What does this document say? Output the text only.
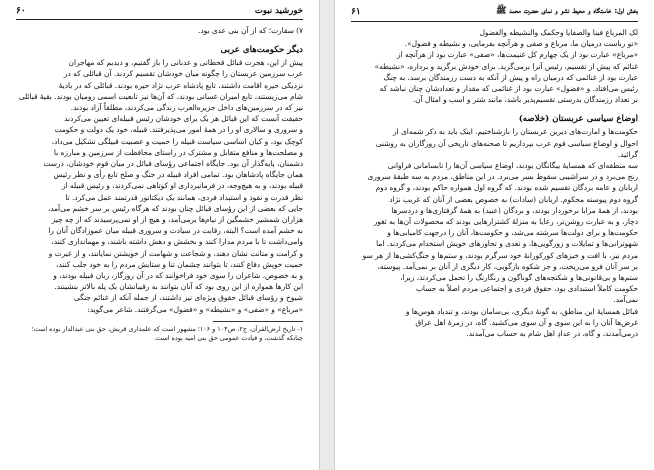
خورشید نبوت
۶۰
۷) سقارت؛ که از آن بنی عدی بود.
دیگر حکومت‌های عربی
پیش از این، هجرت قبائل قحطانی و عدنانی را باز گفتیم، و دیدیم که مهاجران
عرب سرزمین عربستان را چگونه میان خودشان تقسیم کردند. آن قبائلی که در
نزدیکی حیره اقامت داشتند، تابع پادشاه عرب نژاد حیره بودند. قبائلی که در بادیهٔ
شام می‌زیستند، تابع امیران غسانی بودند، که آن‌ها نیز تابعیت اسمی رومیان بودند. بقیهٔ قبائلی
نیز که در سرزمین‌های داخل جزیره‌العرب زندگی می‌کردند، مطلقاً آزاد بودند.
حقیقت آنست که این قبائل هر یک برای خودشان رئیس قبیله‌ای تعیین می‌کردند
و سروری و سالاری او را در همهٔ امور می‌پذیرفتند. قبیله، خود یک دولت و حکومت
کوچک بود، و کیان اساسی سیاست قبیله را حمیت و عصبیت قبیلگی تشکیل می‌داد،
و مصلحت‌ها و منافع متقابل و مشترک در راستای محافظت از سرزمین و مبارزه با
دشمنان، پایه‌گذار آن بود. جایگاه اجتماعی رؤسای قبائل در میان قوم خودشان، درست
همان جایگاه پادشاهان بود. تمامی افراد قبیله در جنگ و صلح تابع رأی و نظر رئیس
قبیله بودند، و به هیچ‌وجه، در فرمانبرداری او کوتاهی نمی‌کردند، و رئیس قبیله از
نظر قدرت و نفوذ و استبداد فردی، همانند یک دیکتاتور قدرتمند عمل می‌کرد. تا
جایی که بعضی از این رؤسای قبائل چنان بودند که هرگاه رئیس بر سر خشم می‌آمد،
هزاران شمشیر خشمگین از نیام‌ها برمی‌آمد، و هیچ از او نمی‌پرسیدند که از چه چیز
به خشم آمده است؟ البته، رقابت در سیادت و سروری قبیله میان عموزادگان آنان را
وامی‌داشت تا با مردم مدارا کنند و بخشش و دهش داشته باشند، و مهمانداری کنند،
و کرامت و متانت نشان دهند، و شجاعت و شهامت از خویشتن نمایانند، و از غیرت و
حمیت خویش دفاع کنند، تا بتوانند چشمان تنا و ستایش مردم را به خود جلب کنند،
و به خصوص، شاعران را سوی خود فراخوانند که در آن روزگار، زبان قبیله بودند، و
این کارها همواره از این روی بود که آنان بتوانند به رقیبانشان یک پله بالاتر بنشینند.
شیوخ و رؤسای قبائل حقوق ویژه‌ای نیز داشتند، از جمله آنکه از غنائم جنگی
«مرباع» و «صفی» و «نشیطه» و «فضول» می‌گرفتند. شاعر می‌گوید:
۱- تاریخ ارض‌القرآن، ج۲، ص۱۰۴ و ۱۰۶؛ مشهور است که علمدارى قریش، حق بنی عبدالدار بوده است؛ چنانکه گذشت، و قیادت عمومی حق بنی امیه بوده است.
بخش اول: خاستگاه و محیط نشو و نمای حضرت محمد ﷺ
۶۱
لک المرباع فینا والصفایا وحکمک والنشیطه والفضول
«تو رباست درمیان ما، مرباع و صفی و هرآنچه بفرمایی، و نشیطه و فضول».
«مرباع» عبارت بود از یک چهارم کل غنیمت‌ها، «صفی» عبارت بود از هرآنچه از
غنائم که پیش از تقسیم، رئیس آنرا برمی‌گزید. برای خودش برگزید و برداره، «نشیطه»
عبارت بود از غنائمی که درمیان راه و پیش از آنکه به دست رزمندگان برسد، به چنگ
رئیس می‌افتاد. و «فضول» عبارت بود از غنائمی که مقدار و تعدادشان چنان نباشد که
بر تعداد رزمندگان بدرستی تقسیم‌پذیر باشد، مانند شتر و اسب و امثال آن.
اوضاع سیاسی عربستان (خلاصه)
حکومت‌ها و امارت‌های دیرین عربستان را بازشناختیم. اینک باید به ذکر شمه‌ای از
احوال و اوضاع سیاسی قوم عرب بپردازیم تا صحنه‌های تاریخی آن روزگاران به روشنی
گرائید.
سه منطقه‌ای که همسایهٔ بیگانگان بودند، اوضاع سیاسی آن‌ها را نابسامانی فراوانی
رنج می‌برد و در سراشیبی سقوط بسر می‌برد. در این مناطق، مردم به سه طبقهٔ سروری
اربابان و عامه بردگان تقسیم شده بودند. که گروه اول همواره حاکم بودند، و گروه دوم
گروه دوم پیوسته محکوم. اربابان (سادات) به خصوص بعضی از آنان که غریب نژاد
بودند، از همهٔ مزایا برخوردار بودند، و بردگان (عبید) به همهٔ گرفتاری‌ها و دردسرها
دچار، و به عبارت روشن‌تر، رعایا به منزلهٔ کشتزارهایی بودند که محصولات آن‌ها به ثغور
حکومت‌ها و برای دولت‌ها سرشته می‌شد، و حکومت‌ها، آنان را درجهت کامیابی‌ها و
شهوترانی‌ها و تمایلات و زورگویی‌ها، و تعدی و تجاوزهای خویش استخدام می‌کردند. اما
مردم نیز، با افت و خیزهای کورکورانهٔ خود سرگرم بودند، و ستم‌ها و جنگ‌کشی‌ها از هر سو
بر سر آنان فرو می‌ریخت، و جز شکوه بازگویی، کار دیگری از آنان بر نمی‌آمد. پیوسته،
ستم‌ها و بی‌قانونی‌ها و شکنجه‌های گوناگون و رنگارنگ را تحمل می‌کردند، زیرا،
حکومت کاملاً استبدادی بود، حقوق فردی و اجتماعی مردم اصلاً به حساب
نمی‌آمد.
قبائل همسایهٔ این مناطق، به گونهٔ دیگری، بی‌سامان بودند، و تندباد هوس‌ها و
غرض‌ها آنان را به این سوی و آن سوی می‌کشید. گاه، در زمرهٔ اهل عراق
درمی‌آمدند، و گاه، در عدادِ اهل شام به حساب می‌آمدند.
